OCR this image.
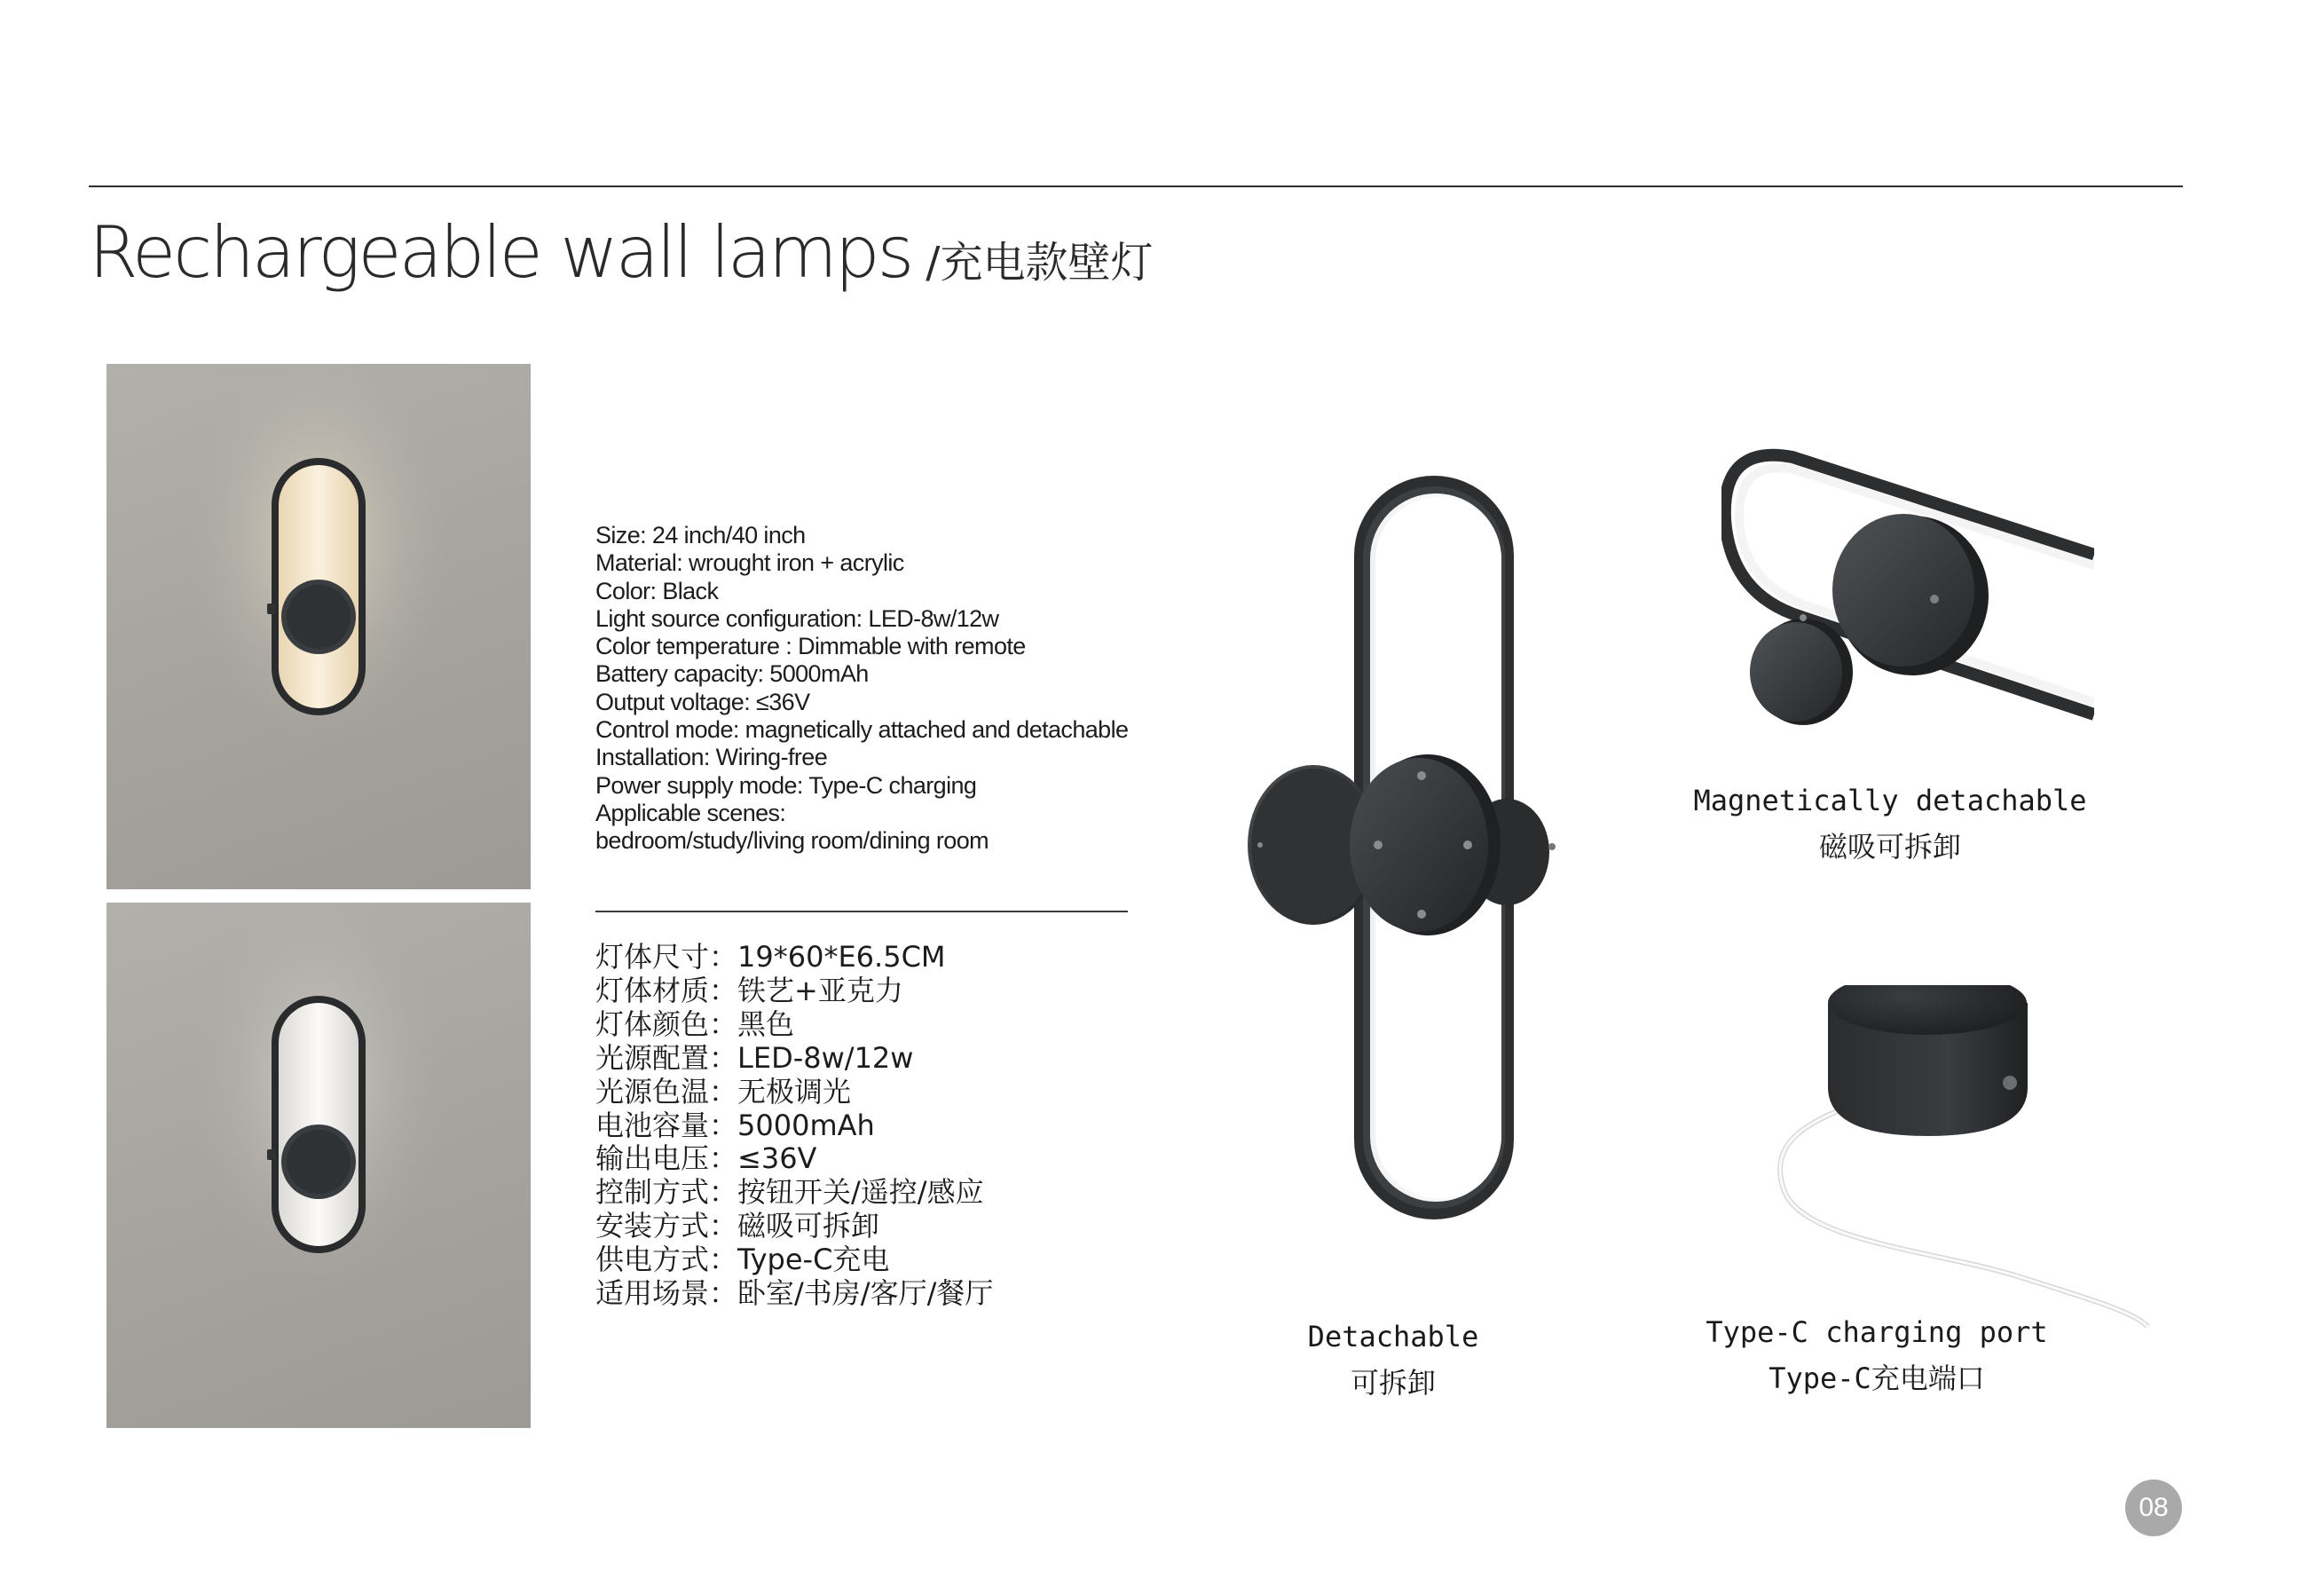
Rechargeable wall lamps /充电款壁灯
Size: 24 inch/40 inch
Material: wrought iron + acrylic
Color: Black
Light source configuration: LED-8w/12w
Color temperature : Dimmable with remote
Battery capacity: 5000mAh
Output voltage: ≤36V
Control mode: magnetically attached and detachable
Installation: Wiring-free
Power supply mode: Type-C charging
Applicable scenes:
bedroom/study/living room/dining room
灯体尺寸：19*60*E6.5CM
灯体材质：铁艺+亚克力
灯体颜色：黑色
光源配置：LED-8w/12w
光源色温：无极调光
电池容量：5000mAh
输出电压：≤36V
控制方式：按钮开关/遥控/感应
安装方式：磁吸可拆卸
供电方式：Type-C充电
适用场景：卧室/书房/客厅/餐厅
Detachable
可拆卸
Magnetically detachable
磁吸可拆卸
Type-C charging port
Type-C充电端口
08
